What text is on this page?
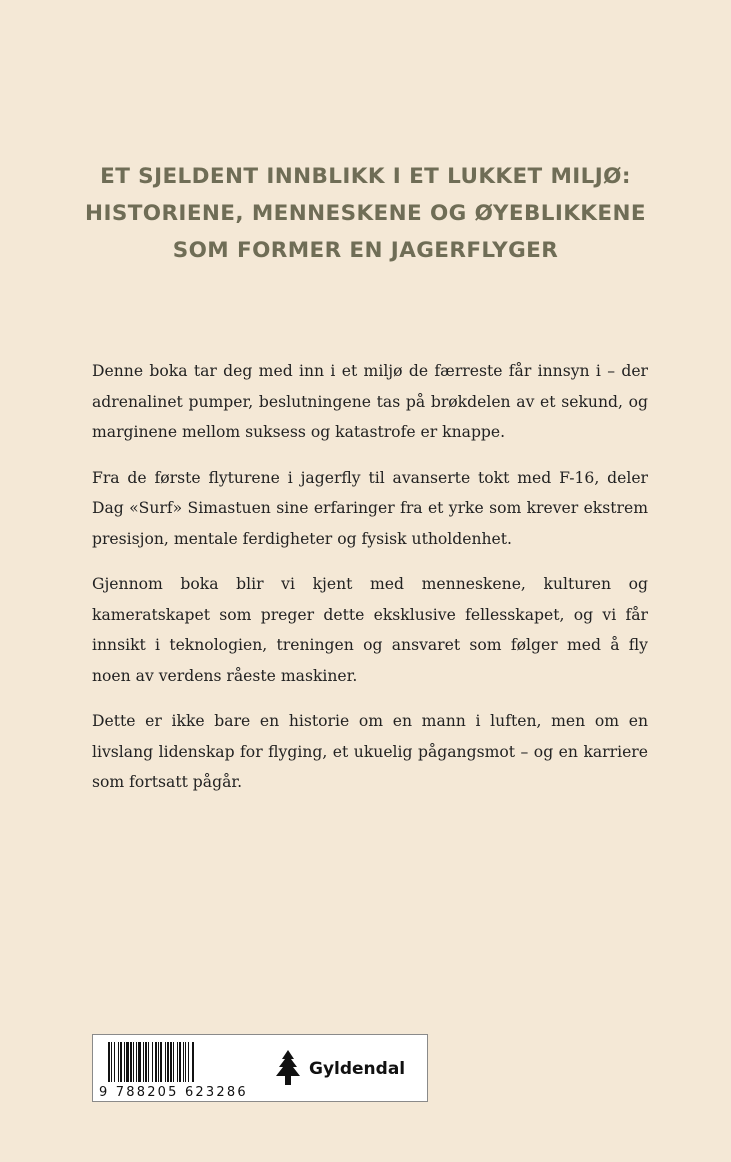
ET SJELDENT INNBLIKK I ET LUKKET MILJØ:
HISTORIENE, MENNESKENE OG ØYEBLIKKENE
SOM FORMER EN JAGERFLYGER

Denne boka tar deg med inn i et miljø de færreste får innsyn i – der adrenalinet pumper, beslutningene tas på brøkdelen av et sekund, og marginene mellom suksess og katastrofe er knappe.

Fra de første flyturene i jagerfly til avanserte tokt med F-16, deler Dag «Surf» Simastuen sine erfaringer fra et yrke som krever ekstrem presisjon, mentale ferdigheter og fysisk utholdenhet.

Gjennom boka blir vi kjent med menneskene, kulturen og kameratskapet som preger dette eksklusive fellesskapet, og vi får innsikt i teknologien, treningen og ansvaret som følger med å fly noen av verdens råeste maskiner.

Dette er ikke bare en historie om en mann i luften, men om en livslang lidenskap for flyging, et ukuelig pågangsmot – og en karriere som fortsatt pågår.

9 788205 623286
Gyldendal
